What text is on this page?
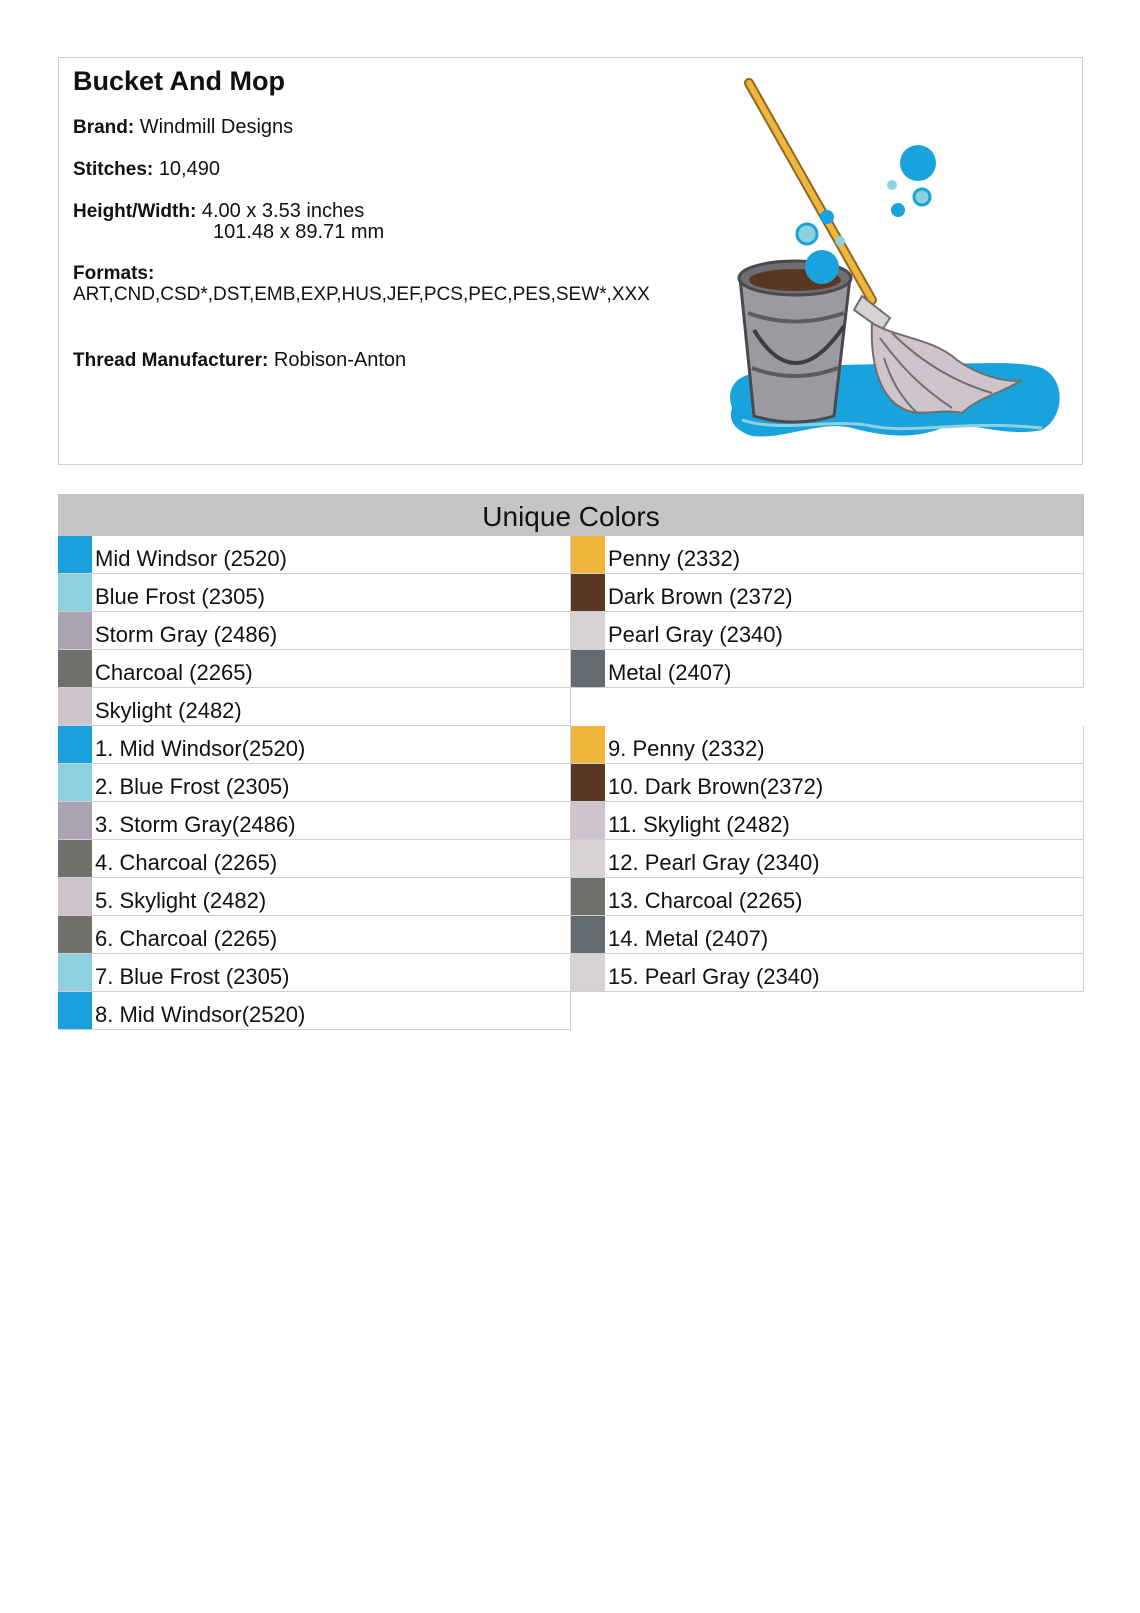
Bucket And Mop
Brand: Windmill Designs
Stitches: 10,490
Height/Width: 4.00 x 3.53 inches
101.48 x 89.71 mm
Formats:
ART,CND,CSD*,DST,EMB,EXP,HUS,JEF,PCS,PEC,PES,SEW*,XXX
Thread Manufacturer: Robison-Anton
Unique Colors
Mid Windsor (2520)
Blue Frost (2305)
Storm Gray (2486)
Charcoal (2265)
Skylight (2482)
Penny (2332)
Dark Brown (2372)
Pearl Gray (2340)
Metal (2407)
1. Mid Windsor(2520)
2. Blue Frost (2305)
3. Storm Gray(2486)
4. Charcoal (2265)
5. Skylight (2482)
6. Charcoal (2265)
7. Blue Frost (2305)
8. Mid Windsor(2520)
9. Penny (2332)
10. Dark Brown(2372)
11. Skylight (2482)
12. Pearl Gray (2340)
13. Charcoal (2265)
14. Metal (2407)
15. Pearl Gray (2340)
